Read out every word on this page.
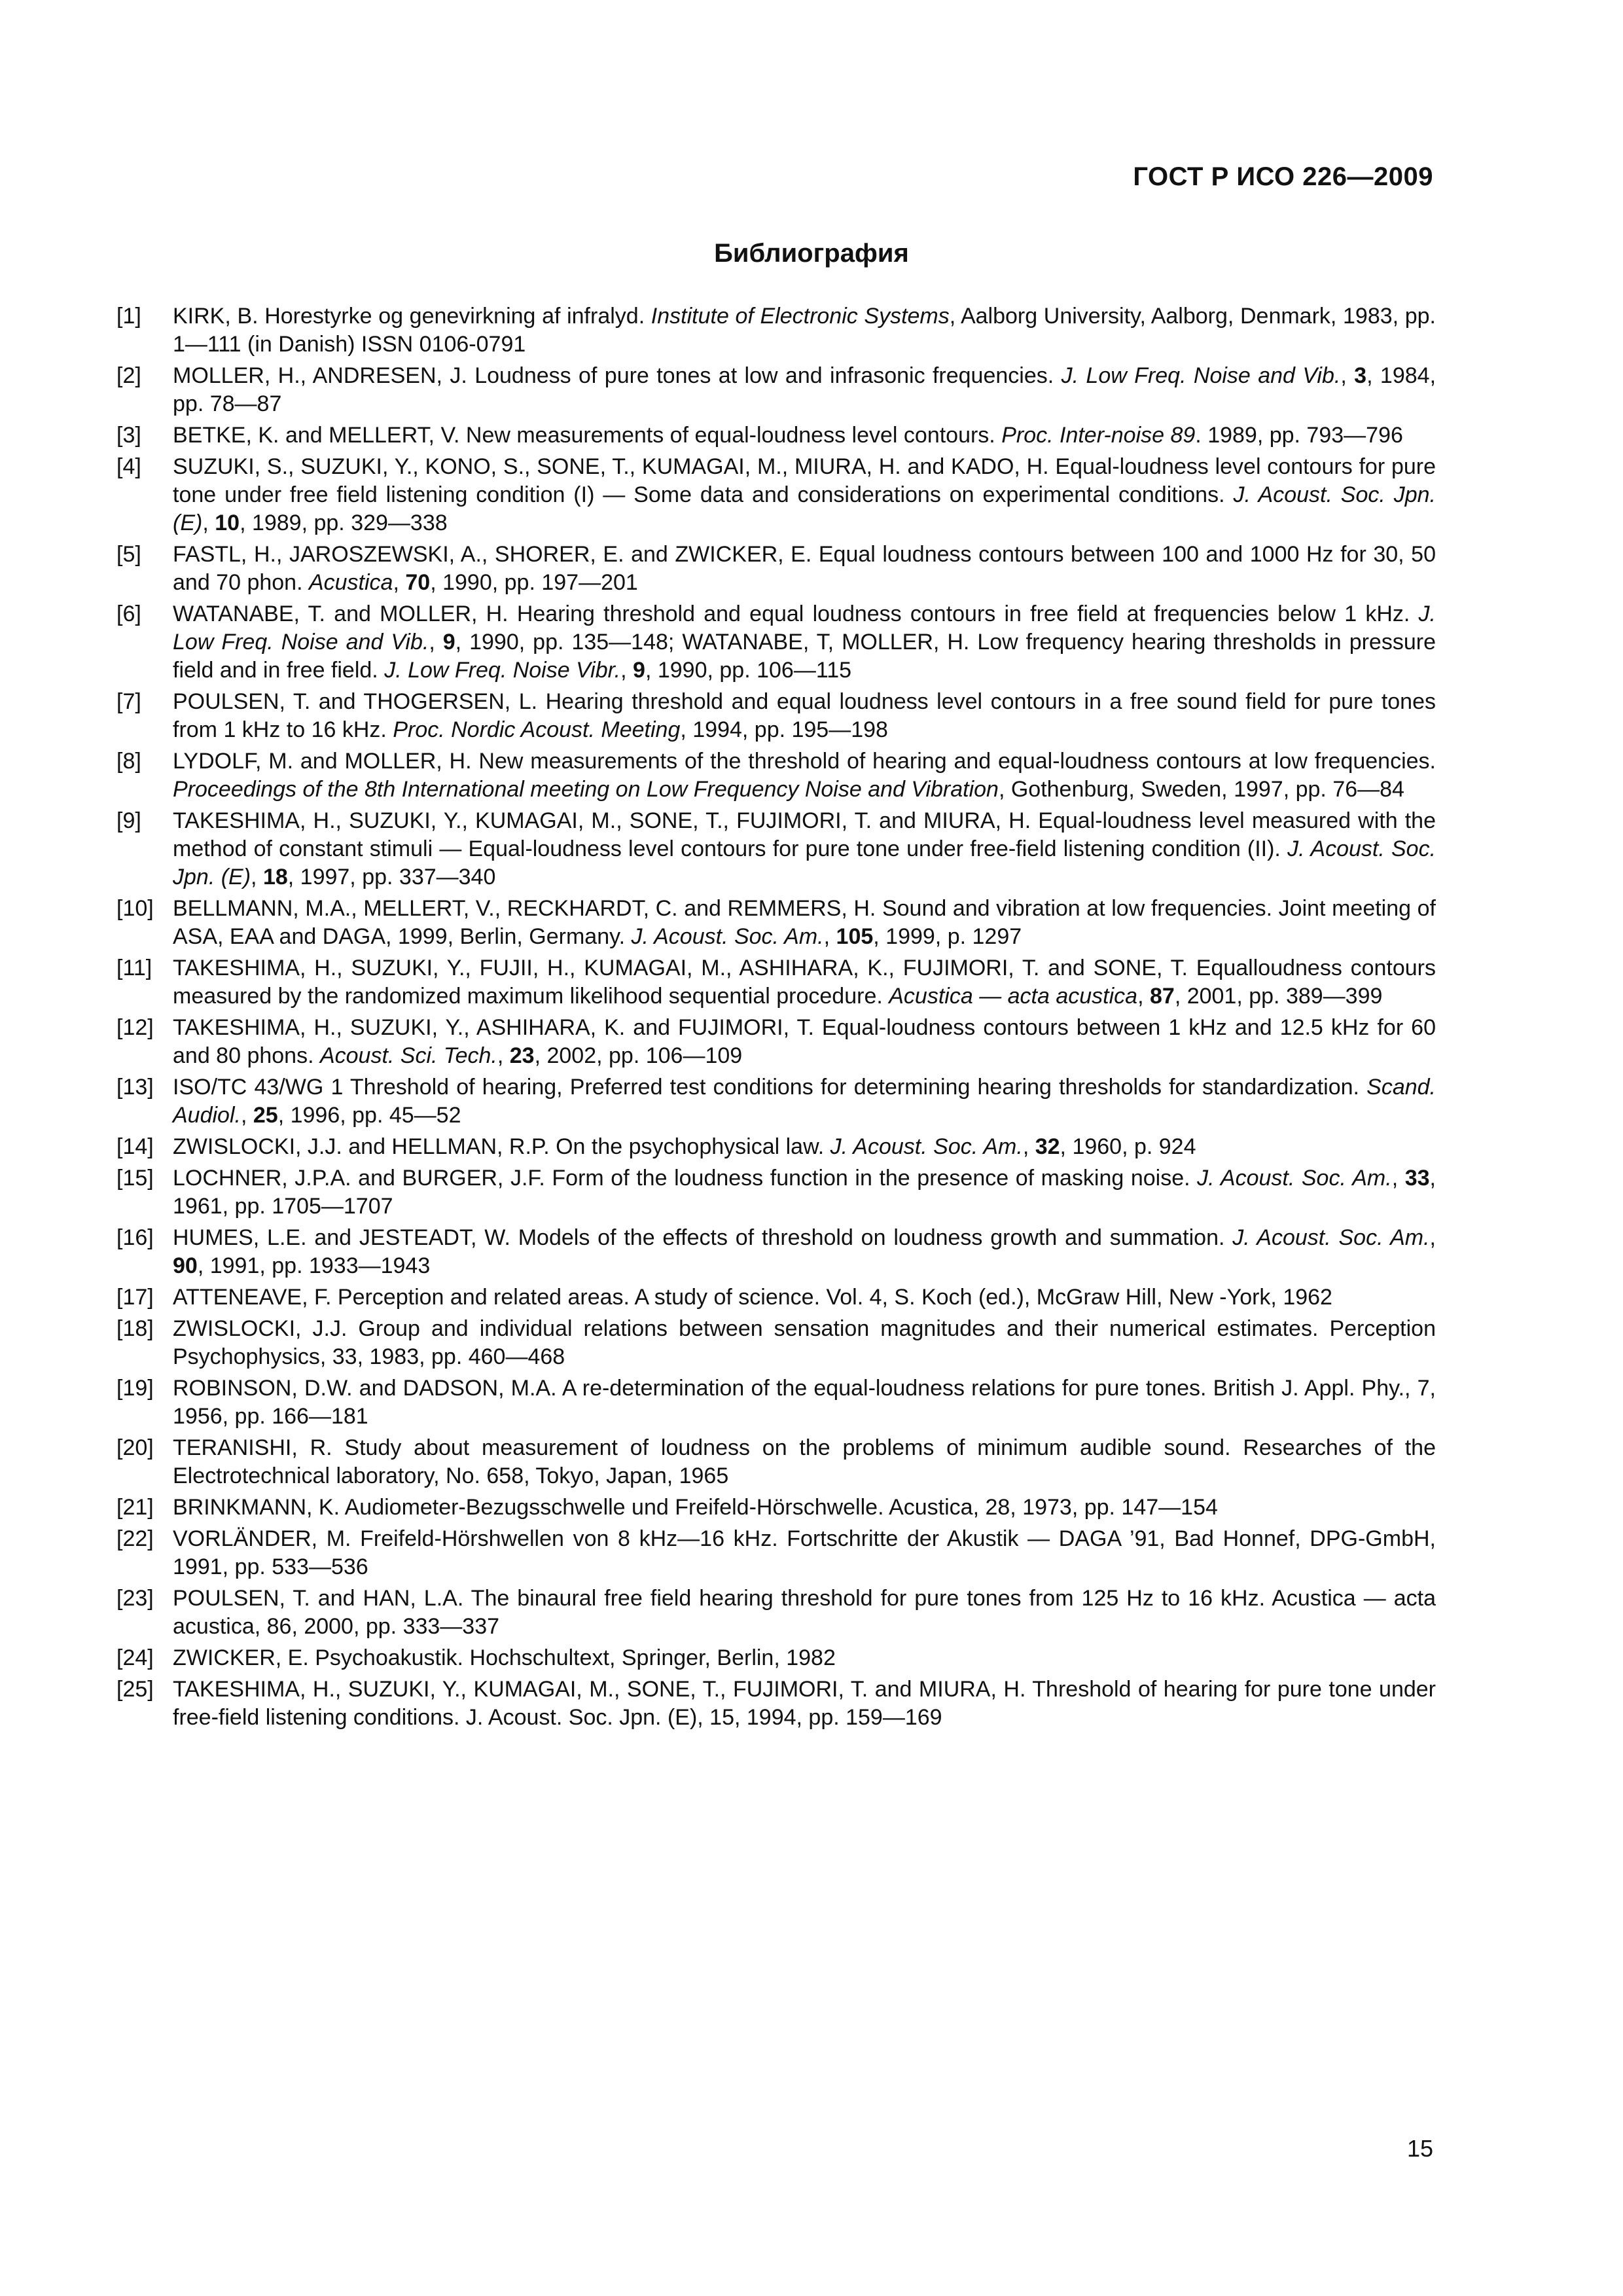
ГОСТ Р ИСО 226—2009
Библиография
[1] KIRK, B. Horestyrke og genevirkning af infralyd. Institute of Electronic Systems, Aalborg University, Aalborg, Denmark, 1983, pp. 1—111 (in Danish) ISSN 0106-0791
[2] MOLLER, H., ANDRESEN, J. Loudness of pure tones at low and infrasonic frequencies. J. Low Freq. Noise and Vib., 3, 1984, pp. 78—87
[3] BETKE, K. and MELLERT, V. New measurements of equal-loudness level contours. Proc. Inter-noise 89. 1989, pp. 793—796
[4] SUZUKI, S., SUZUKI, Y., KONO, S., SONE, T., KUMAGAI, M., MIURA, H. and KADO, H. Equal-loudness level contours for pure tone under free field listening condition (I) — Some data and considerations on experimental conditions. J. Acoust. Soc. Jpn. (E), 10, 1989, pp. 329—338
[5] FASTL, H., JAROSZEWSKI, A., SHORER, E. and ZWICKER, E. Equal loudness contours between 100 and 1000 Hz for 30, 50 and 70 phon. Acustica, 70, 1990, pp. 197—201
[6] WATANABE, T. and MOLLER, H. Hearing threshold and equal loudness contours in free field at frequencies below 1 kHz. J. Low Freq. Noise and Vib., 9, 1990, pp. 135—148; WATANABE, T, MOLLER, H. Low frequency hearing thresholds in pressure field and in free field. J. Low Freq. Noise Vibr., 9, 1990, pp. 106—115
[7] POULSEN, T. and THOGERSEN, L. Hearing threshold and equal loudness level contours in a free sound field for pure tones from 1 kHz to 16 kHz. Proc. Nordic Acoust. Meeting, 1994, pp. 195—198
[8] LYDOLF, M. and MOLLER, H. New measurements of the threshold of hearing and equal-loudness contours at low frequencies. Proceedings of the 8th International meeting on Low Frequency Noise and Vibration, Gothenburg, Sweden, 1997, pp. 76—84
[9] TAKESHIMA, H., SUZUKI, Y., KUMAGAI, M., SONE, T., FUJIMORI, T. and MIURA, H. Equal-loudness level measured with the method of constant stimuli — Equal-loudness level contours for pure tone under free-field listening condition (II). J. Acoust. Soc. Jpn. (E), 18, 1997, pp. 337—340
[10] BELLMANN, M.A., MELLERT, V., RECKHARDT, C. and REMMERS, H. Sound and vibration at low frequencies. Joint meeting of ASA, EAA and DAGA, 1999, Berlin, Germany. J. Acoust. Soc. Am., 105, 1999, p. 1297
[11] TAKESHIMA, H., SUZUKI, Y., FUJII, H., KUMAGAI, M., ASHIHARA, K., FUJIMORI, T. and SONE, T. Equalloudness contours measured by the randomized maximum likelihood sequential procedure. Acustica — acta acustica, 87, 2001, pp. 389—399
[12] TAKESHIMA, H., SUZUKI, Y., ASHIHARA, K. and FUJIMORI, T. Equal-loudness contours between 1 kHz and 12.5 kHz for 60 and 80 phons. Acoust. Sci. Tech., 23, 2002, pp. 106—109
[13] ISO/TC 43/WG 1 Threshold of hearing, Preferred test conditions for determining hearing thresholds for standardization. Scand. Audiol., 25, 1996, pp. 45—52
[14] ZWISLOCKI, J.J. and HELLMAN, R.P. On the psychophysical law. J. Acoust. Soc. Am., 32, 1960, p. 924
[15] LOCHNER, J.P.A. and BURGER, J.F. Form of the loudness function in the presence of masking noise. J. Acoust. Soc. Am., 33, 1961, pp. 1705—1707
[16] HUMES, L.E. and JESTEADT, W. Models of the effects of threshold on loudness growth and summation. J. Acoust. Soc. Am., 90, 1991, pp. 1933—1943
[17] ATTENEAVE, F. Perception and related areas. A study of science. Vol. 4, S. Koch (ed.), McGraw Hill, New -York, 1962
[18] ZWISLOCKI, J.J. Group and individual relations between sensation magnitudes and their numerical estimates. Perception Psychophysics, 33, 1983, pp. 460—468
[19] ROBINSON, D.W. and DADSON, M.A. A re-determination of the equal-loudness relations for pure tones. British J. Appl. Phy., 7, 1956, pp. 166—181
[20] TERANISHI, R. Study about measurement of loudness on the problems of minimum audible sound. Researches of the Electrotechnical laboratory, No. 658, Tokyo, Japan, 1965
[21] BRINKMANN, K. Audiometer-Bezugsschwelle und Freifeld-Hörschwelle. Acustica, 28, 1973, pp. 147—154
[22] VORLÄNDER, M. Freifeld-Hörshwellen von 8 kHz—16 kHz. Fortschritte der Akustik — DAGA ’91, Bad Honnef, DPG-GmbH, 1991, pp. 533—536
[23] POULSEN, T. and HAN, L.A. The binaural free field hearing threshold for pure tones from 125 Hz to 16 kHz. Acustica — acta acustica, 86, 2000, pp. 333—337
[24] ZWICKER, E. Psychoakustik. Hochschultext, Springer, Berlin, 1982
[25] TAKESHIMA, H., SUZUKI, Y., KUMAGAI, M., SONE, T., FUJIMORI, T. and MIURA, H. Threshold of hearing for pure tone under free-field listening conditions. J. Acoust. Soc. Jpn. (E), 15, 1994, pp. 159—169
15
